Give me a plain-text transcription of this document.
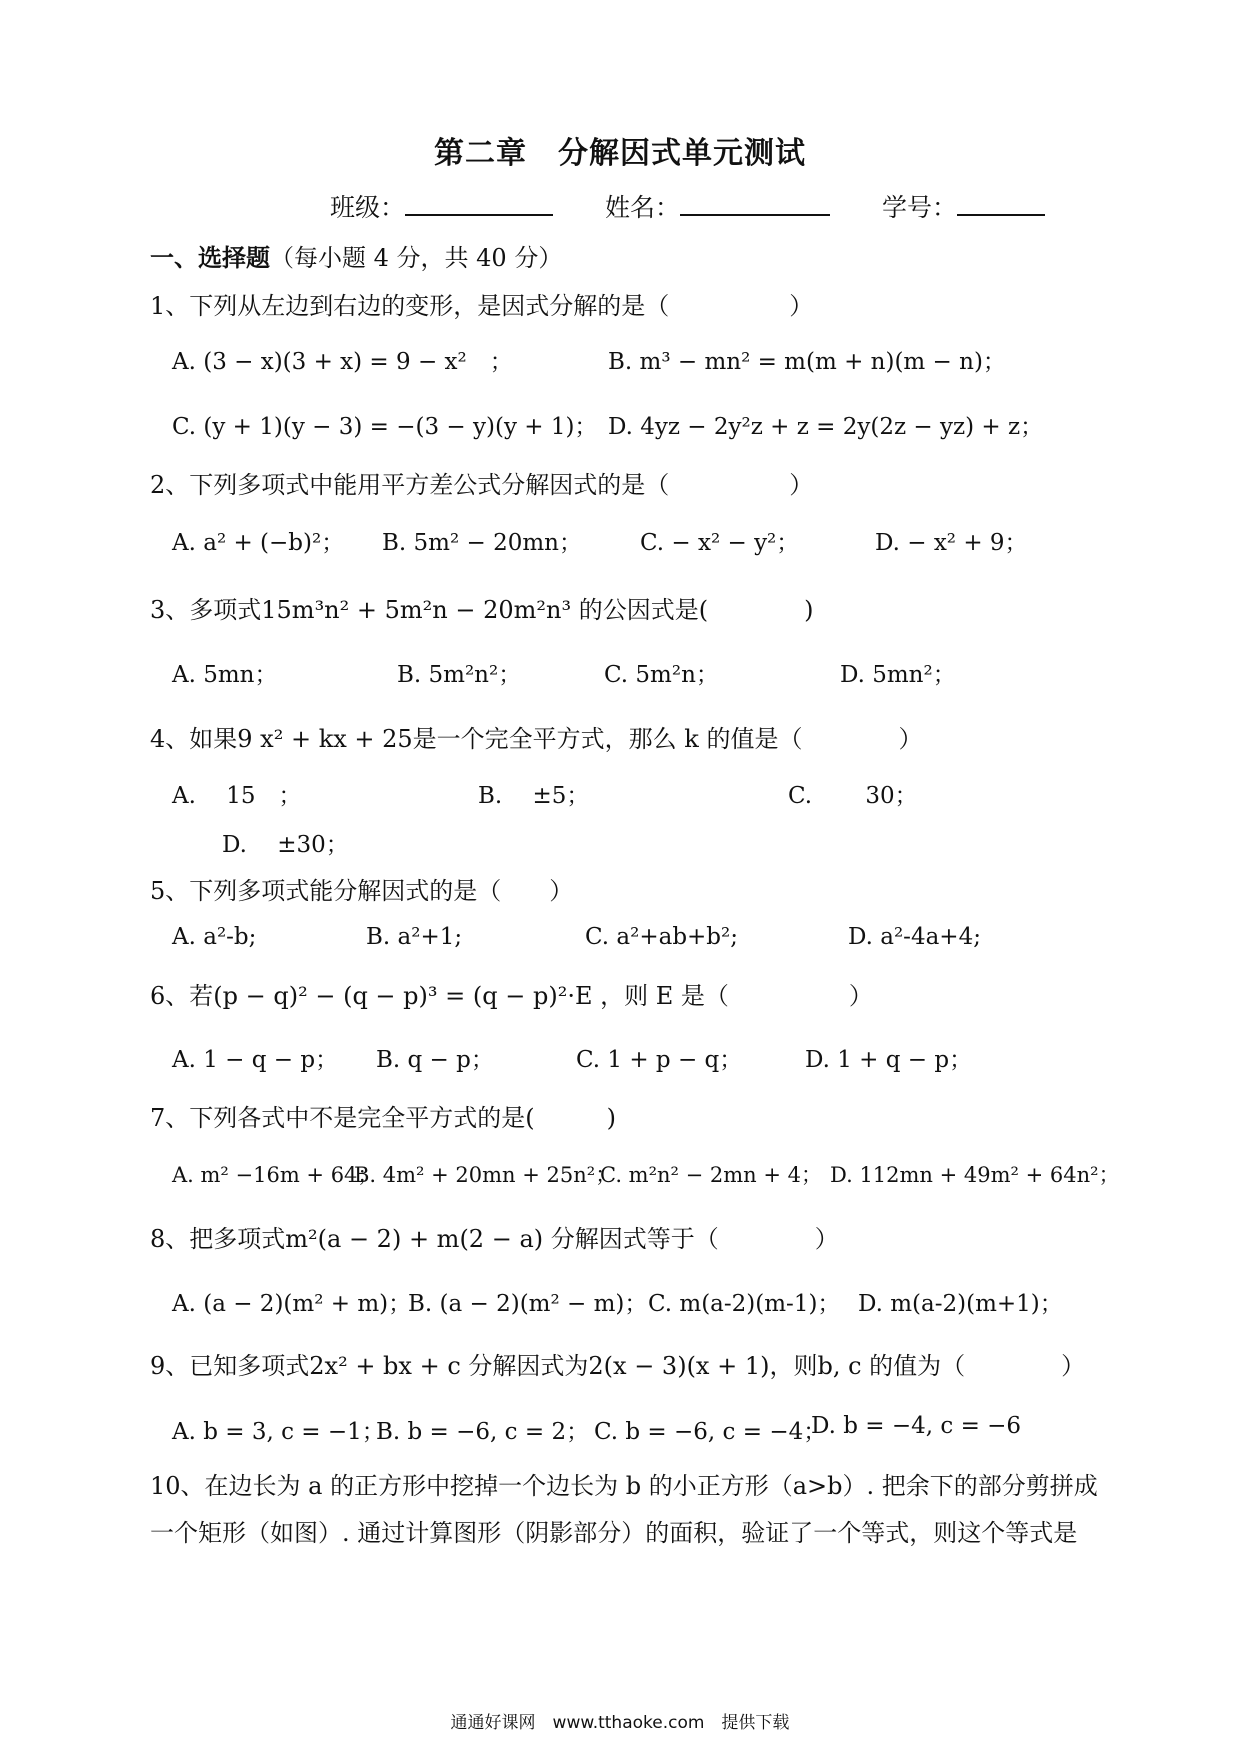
第二章　分解因式单元测试
班级：	姓名：	学号：
一、选择题（每小题 4 分，共 40 分）
1、下列从左边到右边的变形，是因式分解的是（　　　　　）
A. (3 − x)(3 + x) = 9 − x²　；	B. m³ − mn² = m(m + n)(m − n)；
C. (y + 1)(y − 3) = −(3 − y)(y + 1)； D. 4yz − 2y²z + z = 2y(2z − yz) + z；
2、下列多项式中能用平方差公式分解因式的是（　　　　　）
A. a² + (−b)²； B. 5m² − 20mn；	C. − x² − y²；	D. − x² + 9；
3、多项式15m³n² + 5m²n − 20m²n³ 的公因式是(　　　　)
A. 5mn；	B. 5m²n²；	C. 5m²n；	D. 5mn²；
4、如果9 x² + kx + 25是一个完全平方式，那么 k 的值是（　　　　）
A.　 15　；	B.　 ±5；	C.　　 30；
D.　 ±30；
5、下列多项式能分解因式的是（　　）
A. a²-b;	B. a²+1;	C. a²+ab+b²;	D. a²-4a+4;
6、若(p − q)² − (q − p)³ = (q − p)²·E ，则 E 是（　　　　　）
A. 1 − q − p； B. q − p；	C. 1 + p − q；	D. 1 + q − p；
7、下列各式中不是完全平方式的是(　　　)
A. m² −16m + 64；
B. 4m² + 20mn + 25n²；
C. m²n² − 2mn + 4； D. 112mn + 49m² + 64n²；
8、把多项式m²(a − 2) + m(2 − a) 分解因式等于（　　　　）
A. (a − 2)(m² + m)；
B. (a − 2)(m² − m)； C. m(a-2)(m-1)； D. m(a-2)(m+1)；
9、已知多项式2x² + bx + c 分解因式为2(x − 3)(x + 1)，则b, c 的值为（　　　　）
A. b = 3, c = −1；
B. b = −6, c = 2； C. b = −6, c = −4；
D. b = −4, c = −6
10、在边长为 a 的正方形中挖掉一个边长为 b 的小正方形（a>b）. 把余下的部分剪拼成一个矩形（如图）. 通过计算图形（阴影部分）的面积，验证了一个等式，则这个等式是
通通好课网　www.tthaoke.com　提供下载
